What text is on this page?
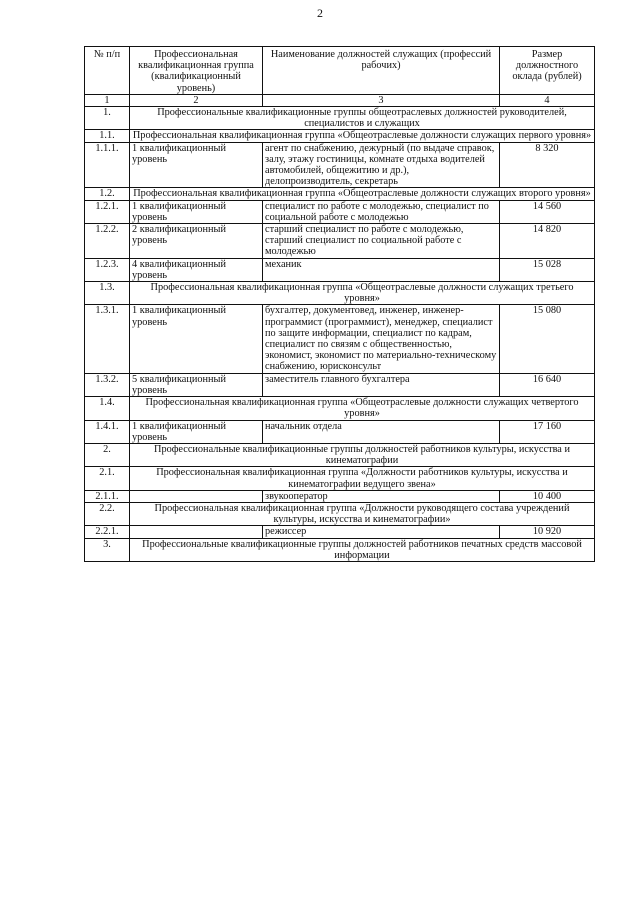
2
№ п/п	Профессиональная квалификационная группа (квалификационный уровень)	Наименование должностей служащих (профессий рабочих)	Размер должностного оклада (рублей)
1	2	3	4
1.	Профессиональные квалификационные группы общеотраслевых должностей руководителей, специалистов и служащих		
1.1.	Профессиональная квалификационная группа «Общеотраслевые должности служащих первого уровня»		
1.1.1.	1 квалификационный уровень	агент по снабжению, дежурный (по выдаче справок, залу, этажу гостиницы, комнате отдыха водителей автомобилей, общежитию и др.), делопроизводитель, секретарь	8 320
1.2.	Профессиональная квалификационная группа «Общеотраслевые должности служащих второго уровня»		
1.2.1.	1 квалификационный уровень	специалист по работе с молодежью, специалист по социальной работе с молодежью	14 560
1.2.2.	2 квалификационный уровень	старший специалист по работе с молодежью, старший специалист по социальной работе с молодежью	14 820
1.2.3.	4 квалификационный уровень	механик	15 028
1.3.	Профессиональная квалификационная группа «Общеотраслевые должности служащих третьего уровня»		
1.3.1.	1 квалификационный уровень	бухгалтер, документовед, инженер, инженер-программист (программист), менеджер, специалист по защите информации, специалист по кадрам, специалист по связям с общественностью, экономист, экономист по материально-техническому снабжению, юрисконсульт	15 080
1.3.2.	5 квалификационный уровень	заместитель главного бухгалтера	16 640
1.4.	Профессиональная квалификационная группа «Общеотраслевые должности служащих четвертого уровня»		
1.4.1.	1 квалификационный уровень	начальник отдела	17 160
2.	Профессиональные квалификационные группы должностей работников культуры, искусства и кинематографии		
2.1.	Профессиональная квалификационная группа «Должности работников культуры, искусства и кинематографии ведущего звена»		
2.1.1.		звукооператор	10 400
2.2.	Профессиональная квалификационная группа «Должности руководящего состава учреждений культуры, искусства и кинематографии»		
2.2.1.		режиссер	10 920
3.	Профессиональные квалификационные группы должностей работников печатных средств массовой информации		
